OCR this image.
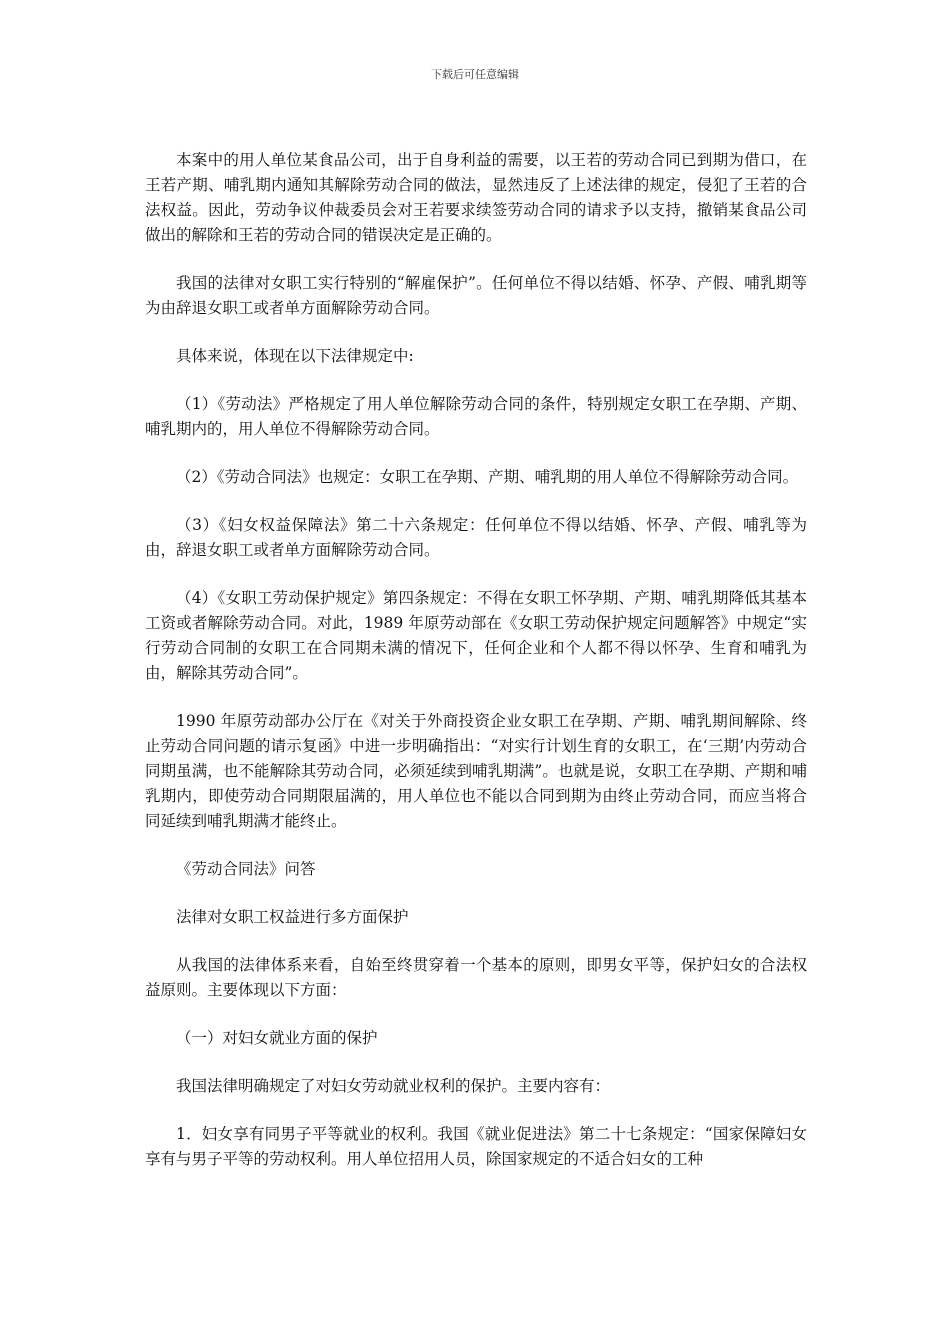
下载后可任意编辑

本案中的用人单位某食品公司，出于自身利益的需要，以王若的劳动合同已到期为借口，在王若产期、哺乳期内通知其解除劳动合同的做法，显然违反了上述法律的规定，侵犯了王若的合法权益。因此，劳动争议仲裁委员会对王若要求续签劳动合同的请求予以支持，撤销某食品公司做出的解除和王若的劳动合同的错误决定是正确的。

我国的法律对女职工实行特别的“解雇保护”。任何单位不得以结婚、怀孕、产假、哺乳期等为由辞退女职工或者单方面解除劳动合同。

具体来说，体现在以下法律规定中:

（1）《劳动法》严格规定了用人单位解除劳动合同的条件，特别规定女职工在孕期、产期、哺乳期内的，用人单位不得解除劳动合同。

（2）《劳动合同法》也规定：女职工在孕期、产期、哺乳期的用人单位不得解除劳动合同。

（3）《妇女权益保障法》第二十六条规定：任何单位不得以结婚、怀孕、产假、哺乳等为由，辞退女职工或者单方面解除劳动合同。

（4）《女职工劳动保护规定》第四条规定：不得在女职工怀孕期、产期、哺乳期降低其基本工资或者解除劳动合同。对此，1989 年原劳动部在《女职工劳动保护规定问题解答》中规定“实行劳动合同制的女职工在合同期未满的情况下，任何企业和个人都不得以怀孕、生育和哺乳为由，解除其劳动合同”。

1990 年原劳动部办公厅在《对关于外商投资企业女职工在孕期、产期、哺乳期间解除、终止劳动合同问题的请示复函》中进一步明确指出：“对实行计划生育的女职工，在‘三期’内劳动合同期虽满，也不能解除其劳动合同，必须延续到哺乳期满”。也就是说，女职工在孕期、产期和哺乳期内，即使劳动合同期限届满的，用人单位也不能以合同到期为由终止劳动合同，而应当将合同延续到哺乳期满才能终止。

《劳动合同法》问答

法律对女职工权益进行多方面保护

从我国的法律体系来看，自始至终贯穿着一个基本的原则，即男女平等，保护妇女的合法权益原则。主要体现以下方面：

（一）对妇女就业方面的保护

我国法律明确规定了对妇女劳动就业权利的保护。主要内容有：

1．妇女享有同男子平等就业的权利。我国《就业促进法》第二十七条规定：“国家保障妇女享有与男子平等的劳动权利。用人单位招用人员，除国家规定的不适合妇女的工种
